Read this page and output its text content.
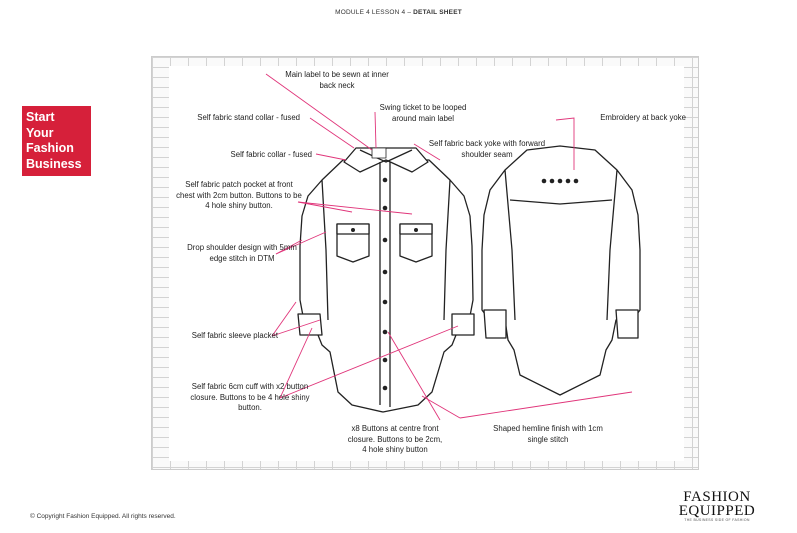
MODULE 4 LESSON 4 – DETAIL SHEET
Start
Your
Fashion
Business
Main label to be sewn at inner
back neck
Swing ticket to be looped
around main label
Self fabric stand collar - fused
Self fabric back yoke with forward
shoulder seam
Embroidery at back yoke
Self fabric collar - fused
Self fabric patch pocket at front
chest with 2cm button. Buttons to be
4 hole shiny button.
Drop shoulder design with 5mm
edge stitch in DTM
Self fabric sleeve placket
Self fabric 6cm cuff with x2 button
closure. Buttons to be 4 hole shiny
button.
x8 Buttons at centre front
closure. Buttons to be 2cm,
4 hole shiny button
Shaped hemline finish with 1cm
single stitch
© Copyright Fashion Equipped. All rights reserved.
FASHION
EQUIPPED
THE BUSINESS SIDE OF FASHION
